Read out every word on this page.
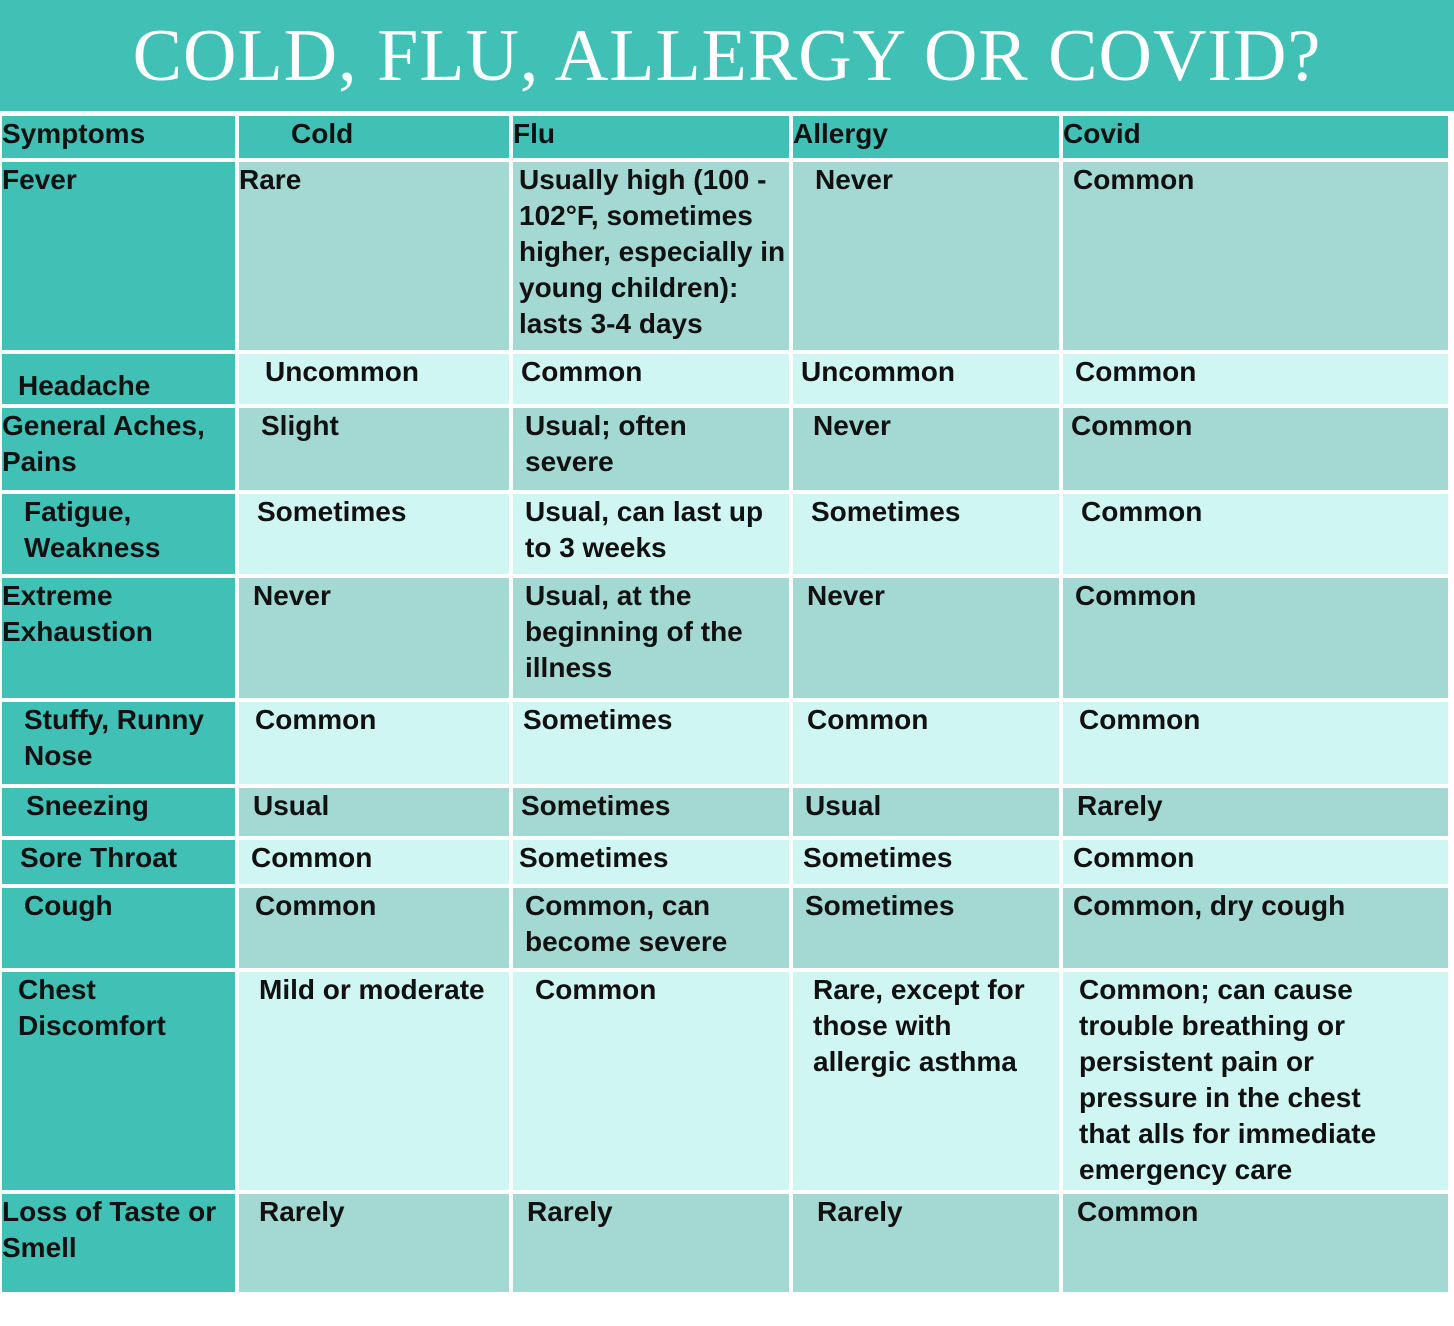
COLD, FLU, ALLERGY OR COVID?
Symptoms	Cold	Flu	Allergy	Covid
Fever	Rare	Usually high (100 - 102°F, sometimes higher, especially in young children): lasts 3-4 days	Never	Common
Headache	Uncommon	Common	Uncommon	Common
General Aches, Pains	Slight	Usual; often severe	Never	Common
Fatigue, Weakness	Sometimes	Usual, can last up to 3 weeks	Sometimes	Common
Extreme Exhaustion	Never	Usual, at the beginning of the illness	Never	Common
Stuffy, Runny Nose	Common	Sometimes	Common	Common
Sneezing	Usual	Sometimes	Usual	Rarely
Sore Throat	Common	Sometimes	Sometimes	Common
Cough	Common	Common, can become severe	Sometimes	Common, dry cough
Chest Discomfort	Mild or moderate	Common	Rare, except for those with allergic asthma	Common; can cause trouble breathing or persistent pain or pressure in the chest that alls for immediate emergency care
Loss of Taste or Smell	Rarely	Rarely	Rarely	Common
